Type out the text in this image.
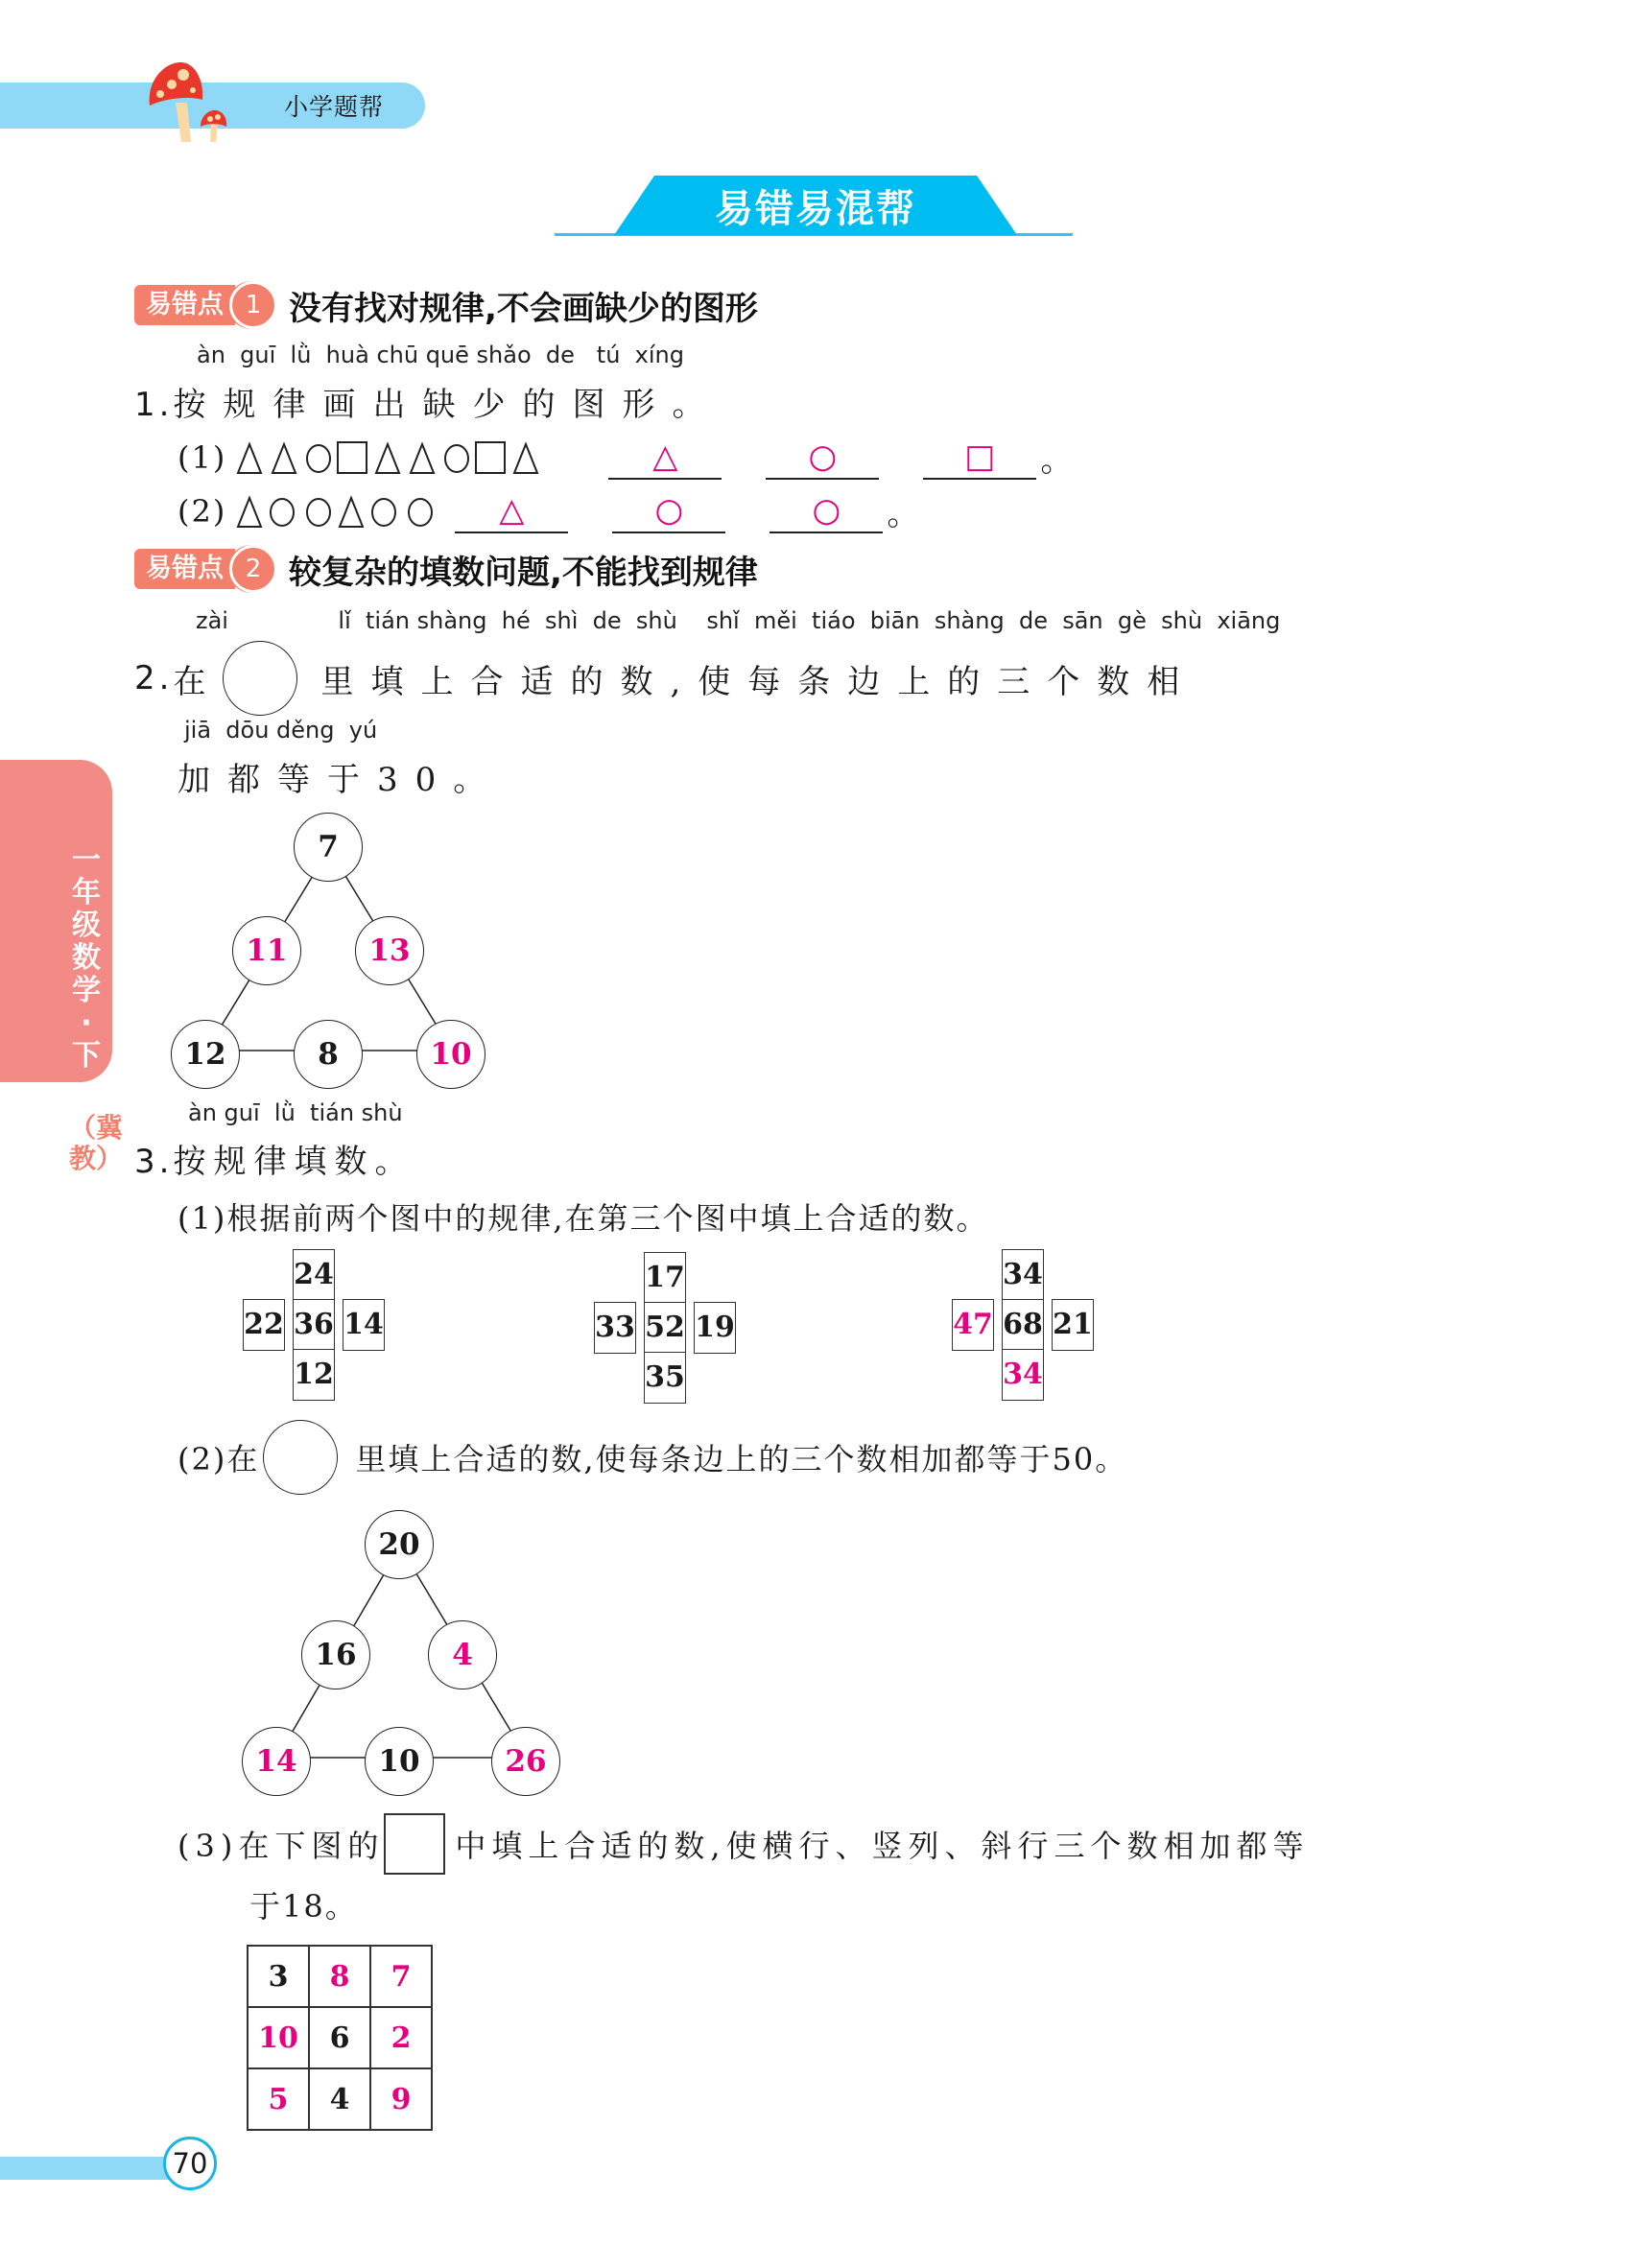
小学题帮
易错易混帮
一年级数学·下
（冀教）
易错点 1 没有找对规律,不会画缺少的图形
àn  guī  lǜ  huà chū quē shǎo  de   tú  xíng
1.按规律画出缺少的图形。
(1)	△	○	□	。
(2)	△	○	○	。
易错点 2 较复杂的填数问题,不能找到规律
zài               lǐ  tián shàng  hé  shì  de  shù    shǐ  měi  tiáo  biān  shàng  de  sān  gè  shù  xiāng
2. 在	里填上合适的数,使每条边上的三个数相
jiā  dōu děng  yú
加都等于30。
7
11	13
12	8	10
àn guī  lǜ  tián shù
3.按规律填数。
(1)根据前两个图中的规律,在第三个图中填上合适的数。
24
22 36 14
12
17
33 52 19
35
34
47 68 21
34
(2)在	里填上合适的数,使每条边上的三个数相加都等于50。
20
16	4
14	10	26
(3)在下图的 中填上合适的数,使横行、竖列、斜行三个数相加都等
于18。
3	8	7
10	6	2
5	4	9
70
